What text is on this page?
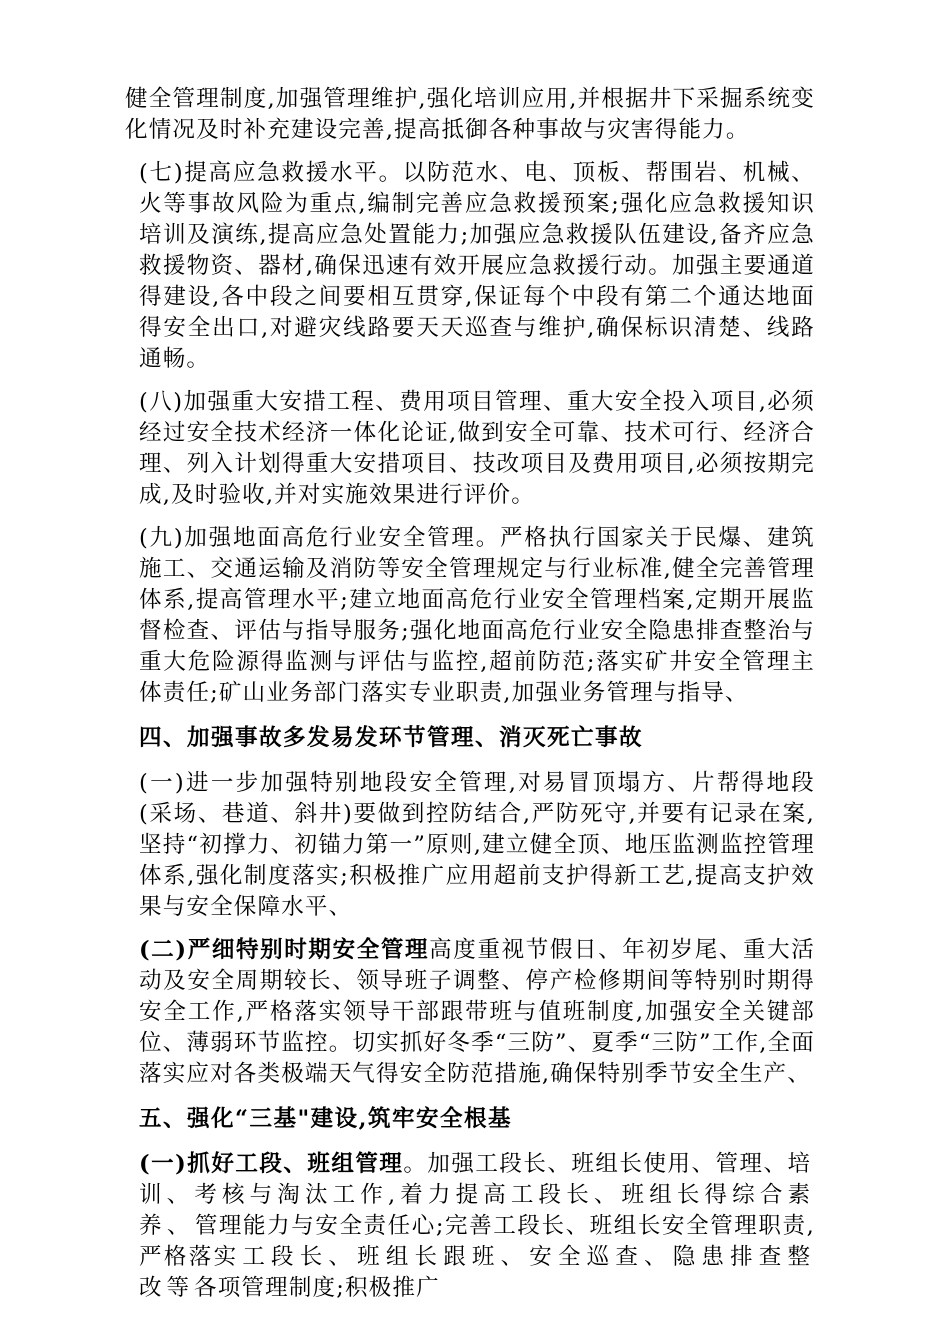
健全管理制度,加强管理维护,强化培训应用,并根据井下采掘系统变化情况及时补充建设完善,提高抵御各种事故与灾害得能力。

(七)提高应急救援水平。以防范水、电、顶板、帮围岩、机械、火等事故风险为重点,编制完善应急救援预案;强化应急救援知识培训及演练,提高应急处置能力;加强应急救援队伍建设,备齐应急救援物资、器材,确保迅速有效开展应急救援行动。加强主要通道得建设,各中段之间要相互贯穿,保证每个中段有第二个通达地面得安全出口,对避灾线路要天天巡查与维护,确保标识清楚、线路通畅。

(八)加强重大安措工程、费用项目管理、重大安全投入项目,必须经过安全技术经济一体化论证,做到安全可靠、技术可行、经济合理、列入计划得重大安措项目、技改项目及费用项目,必须按期完成,及时验收,并对实施效果进行评价。

(九)加强地面高危行业安全管理。严格执行国家关于民爆、建筑施工、交通运输及消防等安全管理规定与行业标准,健全完善管理体系,提高管理水平;建立地面高危行业安全管理档案,定期开展监督检查、评估与指导服务;强化地面高危行业安全隐患排查整治与重大危险源得监测与评估与监控,超前防范;落实矿井安全管理主体责任;矿山业务部门落实专业职责,加强业务管理与指导、

四、加强事故多发易发环节管理、消灭死亡事故

(一)进一步加强特别地段安全管理,对易冒顶塌方、片帮得地段(采场、巷道、斜井)要做到控防结合,严防死守,并要有记录在案,坚持“初撑力、初锚力第一”原则,建立健全顶、地压监测监控管理体系,强化制度落实;积极推广应用超前支护得新工艺,提高支护效果与安全保障水平、

(二)严细特别时期安全管理高度重视节假日、年初岁尾、重大活动及安全周期较长、领导班子调整、停产检修期间等特别时期得安全工作,严格落实领导干部跟带班与值班制度,加强安全关键部位、薄弱环节监控。切实抓好冬季“三防”、夏季“三防”工作,全面落实应对各类极端天气得安全防范措施,确保特别季节安全生产、

五、强化“三基"建设,筑牢安全根基

(一)抓好工段、班组管理。加强工段长、班组长使用、管理、培训、考核与淘汰工作,着力提高工段长、班组长得综合素养、管理能力与安全责任心;完善工段长、班组长安全管理职责,严格落实工段长、班组长跟班、安全巡查、隐患排查整改等各项管理制度;积极推广
